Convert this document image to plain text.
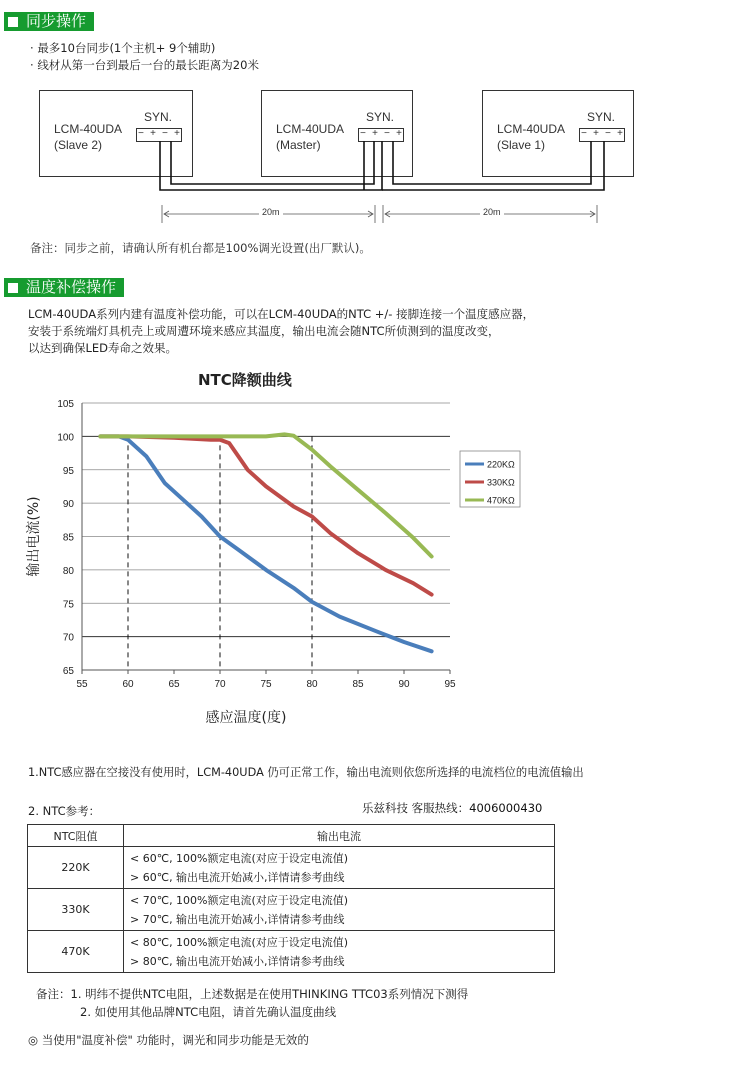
同步操作
· 最多10台同步(1个主机+ 9个辅助)
· 线材从第一台到最后一台的最长距离为20米
LCM-40UDA
(Slave 2)
SYN.
− + − +	LCM-40UDA
(Master)
SYN.
− + − +	LCM-40UDA
(Slave 1)
SYN.
− + − +
20m	20m
备注：同步之前，请确认所有机台都是100%调光设置(出厂默认)。
温度补偿操作
LCM-40UDA系列内建有温度补偿功能，可以在LCM-40UDA的NTC +/- 接脚连接一个温度感应器，
安装于系统端灯具机壳上或周遭环境来感应其温度，输出电流会随NTC所侦测到的温度改变，
以达到确保LED寿命之效果。
NTC降额曲线
65
70
75
80
85
90
95
100
105
55	60	65	70	75	80	85	90	95
220KΩ
330KΩ
470KΩ
感应温度(度)
输出电流(%)
1.NTC感应器在空接没有使用时，LCM-40UDA 仍可正常工作，输出电流则依您所选择的电流档位的电流值输出
2. NTC参考：	乐兹科技 客服热线：4006000430
NTC阻值	输出电流
220K	< 60℃, 100%额定电流(对应于设定电流值)
> 60℃, 输出电流开始减小,详情请参考曲线

330K	< 70℃, 100%额定电流(对应于设定电流值)
> 70℃, 输出电流开始减小,详情请参考曲线

470K	< 80℃, 100%额定电流(对应于设定电流值)
> 80℃, 输出电流开始减小,详情请参考曲线
备注：1. 明纬不提供NTC电阻，上述数据是在使用THINKING TTC03系列情况下测得
2. 如使用其他品牌NTC电阻，请首先确认温度曲线
◎ 当使用"温度补偿" 功能时，调光和同步功能是无效的
